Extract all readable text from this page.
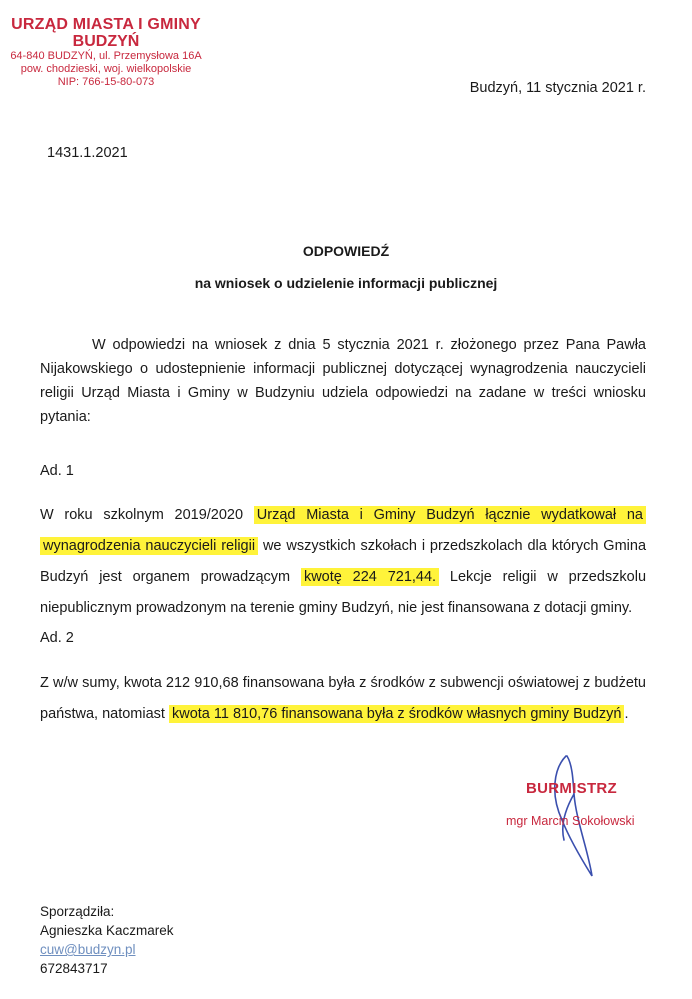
URZĄD MIASTA I GMINY
BUDZYŃ
64-840 BUDZYŃ, ul. Przemysłowa 16A
pow. chodzieski, woj. wielkopolskie
NIP: 766-15-80-073	Budzyń, 11 stycznia 2021 r.
1431.1.2021
ODPOWIEDŹ
na wniosek o udzielenie informacji publicznej
W odpowiedzi na wniosek z dnia 5 stycznia 2021 r. złożonego przez Pana Pawła Nijakowskiego o udostepnienie informacji publicznej dotyczącej wynagrodzenia nauczycieli religii Urząd Miasta i Gminy w Budzyniu udziela odpowiedzi na zadane w treści wniosku pytania:
Ad. 1
W roku szkolnym 2019/2020 Urząd Miasta i Gminy Budzyń łącznie wydatkował na wynagrodzenia nauczycieli religii we wszystkich szkołach i przedszkolach dla których Gmina Budzyń jest organem prowadzącym kwotę 224 721,44. Lekcje religii w przedszkolu niepublicznym prowadzonym na terenie gminy Budzyń, nie jest finansowana z dotacji gminy.
Ad. 2
Z w/w sumy, kwota 212 910,68 finansowana była z środków z subwencji oświatowej z budżetu państwa, natomiast kwota 11 810,76 finansowana była z środków własnych gminy Budzyń .
BURMISTRZ
mgr Marcin Sokołowski
Sporządziła:
Agnieszka Kaczmarek
cuw@budzyn.pl
672843717
